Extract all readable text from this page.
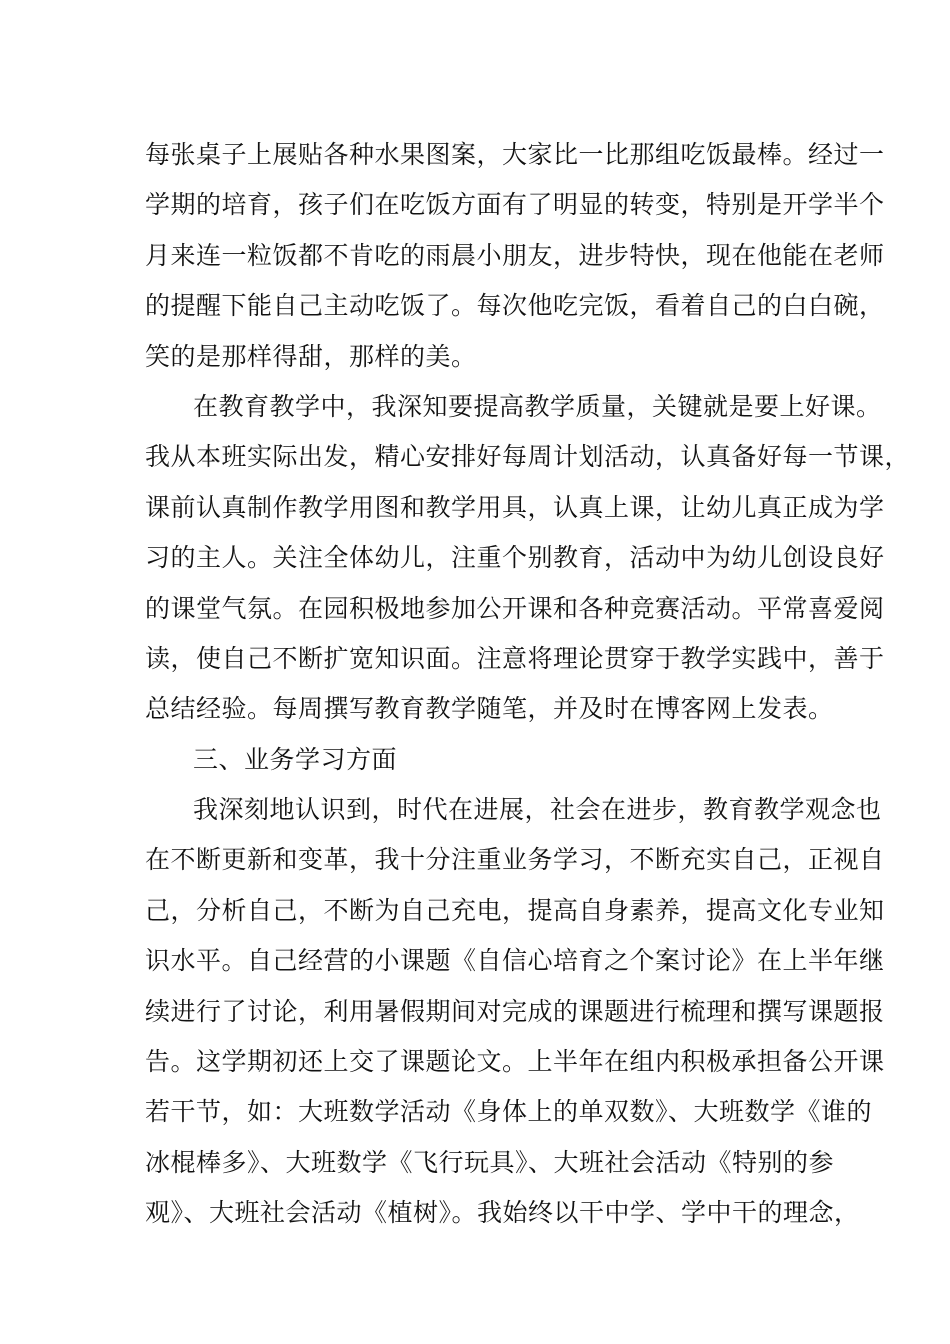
每张桌子上展贴各种水果图案，大家比一比那组吃饭最棒。经过一
学期的培育，孩子们在吃饭方面有了明显的转变，特别是开学半个
月来连一粒饭都不肯吃的雨晨小朋友，进步特快，现在他能在老师
的提醒下能自己主动吃饭了。每次他吃完饭，看着自己的白白碗，
笑的是那样得甜，那样的美。
在教育教学中，我深知要提高教学质量，关键就是要上好课。
我从本班实际出发，精心安排好每周计划活动，认真备好每一节课，
课前认真制作教学用图和教学用具，认真上课，让幼儿真正成为学
习的主人。关注全体幼儿，注重个别教育，活动中为幼儿创设良好
的课堂气氛。在园积极地参加公开课和各种竞赛活动。平常喜爱阅
读，使自己不断扩宽知识面。注意将理论贯穿于教学实践中，善于
总结经验。每周撰写教育教学随笔，并及时在博客网上发表。
三、业务学习方面
我深刻地认识到，时代在进展，社会在进步，教育教学观念也
在不断更新和变革，我十分注重业务学习，不断充实自己，正视自
己，分析自己，不断为自己充电，提高自身素养，提高文化专业知
识水平。自己经营的小课题《自信心培育之个案讨论》在上半年继
续进行了讨论，利用暑假期间对完成的课题进行梳理和撰写课题报
告。这学期初还上交了课题论文。上半年在组内积极承担备公开课
若干节，如：大班数学活动《身体上的单双数》、大班数学《谁的
冰棍棒多》、大班数学《飞行玩具》、大班社会活动《特别的参
观》、大班社会活动《植树》。我始终以干中学、学中干的理念，
